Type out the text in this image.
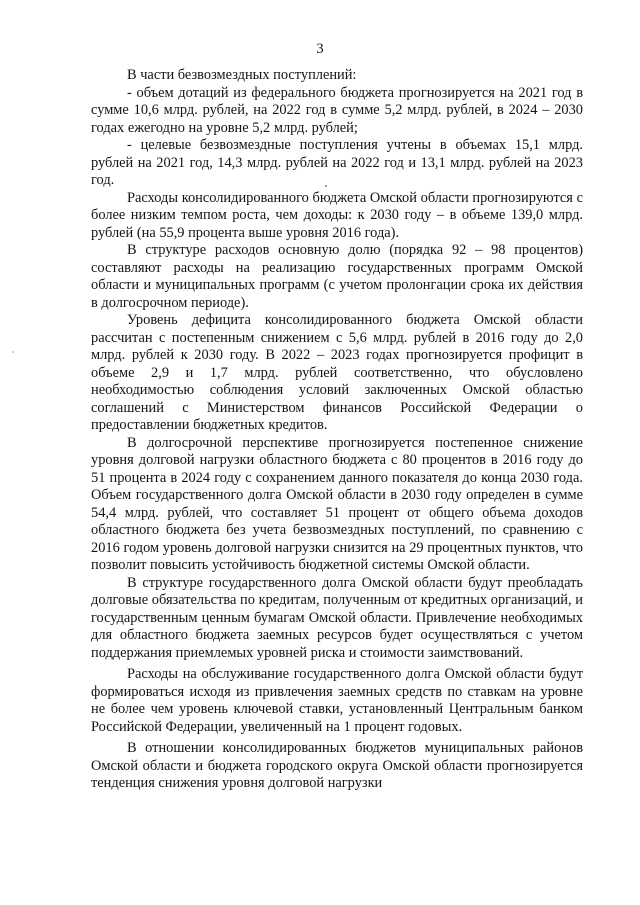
3

В части безвозмездных поступлений:

- объем дотаций из федерального бюджета прогнозируется на 2021 год в сумме 10,6 млрд. рублей, на 2022 год в сумме 5,2 млрд. рублей, в 2024 – 2030 годах ежегодно на уровне 5,2 млрд. рублей;

- целевые безвозмездные поступления учтены в объемах 15,1 млрд. рублей на 2021 год, 14,3 млрд. рублей на 2022 год и 13,1 млрд. рублей на 2023 год.

Расходы консолидированного бюджета Омской области прогнозируются с более низким темпом роста, чем доходы: к 2030 году – в объеме 139,0 млрд. рублей (на 55,9 процента выше уровня 2016 года).

В структуре расходов основную долю (порядка 92 – 98 процентов) составляют расходы на реализацию государственных программ Омской области и муниципальных программ (с учетом пролонгации срока их действия в долгосрочном периоде).

Уровень дефицита консолидированного бюджета Омской области рассчитан с постепенным снижением с 5,6 млрд. рублей в 2016 году до 2,0 млрд. рублей к 2030 году. В 2022 – 2023 годах прогнозируется профицит в объеме 2,9 и 1,7 млрд. рублей соответственно, что обусловлено необходимостью соблюдения условий заключенных Омской областью соглашений с Министерством финансов Российской Федерации о предоставлении бюджетных кредитов.

В долгосрочной перспективе прогнозируется постепенное снижение уровня долговой нагрузки областного бюджета с 80 процентов в 2016 году до 51 процента в 2024 году с сохранением данного показателя до конца 2030 года. Объем государственного долга Омской области в 2030 году определен в сумме 54,4 млрд. рублей, что составляет 51 процент от общего объема доходов областного бюджета без учета безвозмездных поступлений, по сравнению с 2016 годом уровень долговой нагрузки снизится на 29 процентных пунктов, что позволит повысить устойчивость бюджетной системы Омской области.

В структуре государственного долга Омской области будут преобладать долговые обязательства по кредитам, полученным от кредитных организаций, и государственным ценным бумагам Омской области. Привлечение необходимых для областного бюджета заемных ресурсов будет осуществляться с учетом поддержания приемлемых уровней риска и стоимости заимствований.

Расходы на обслуживание государственного долга Омской области будут формироваться исходя из привлечения заемных средств по ставкам на уровне не более чем уровень ключевой ставки, установленный Центральным банком Российской Федерации, увеличенный на 1 процент годовых.

В отношении консолидированных бюджетов муниципальных районов Омской области и бюджета городского округа Омской области прогнозируется тенденция снижения уровня долговой нагрузки
